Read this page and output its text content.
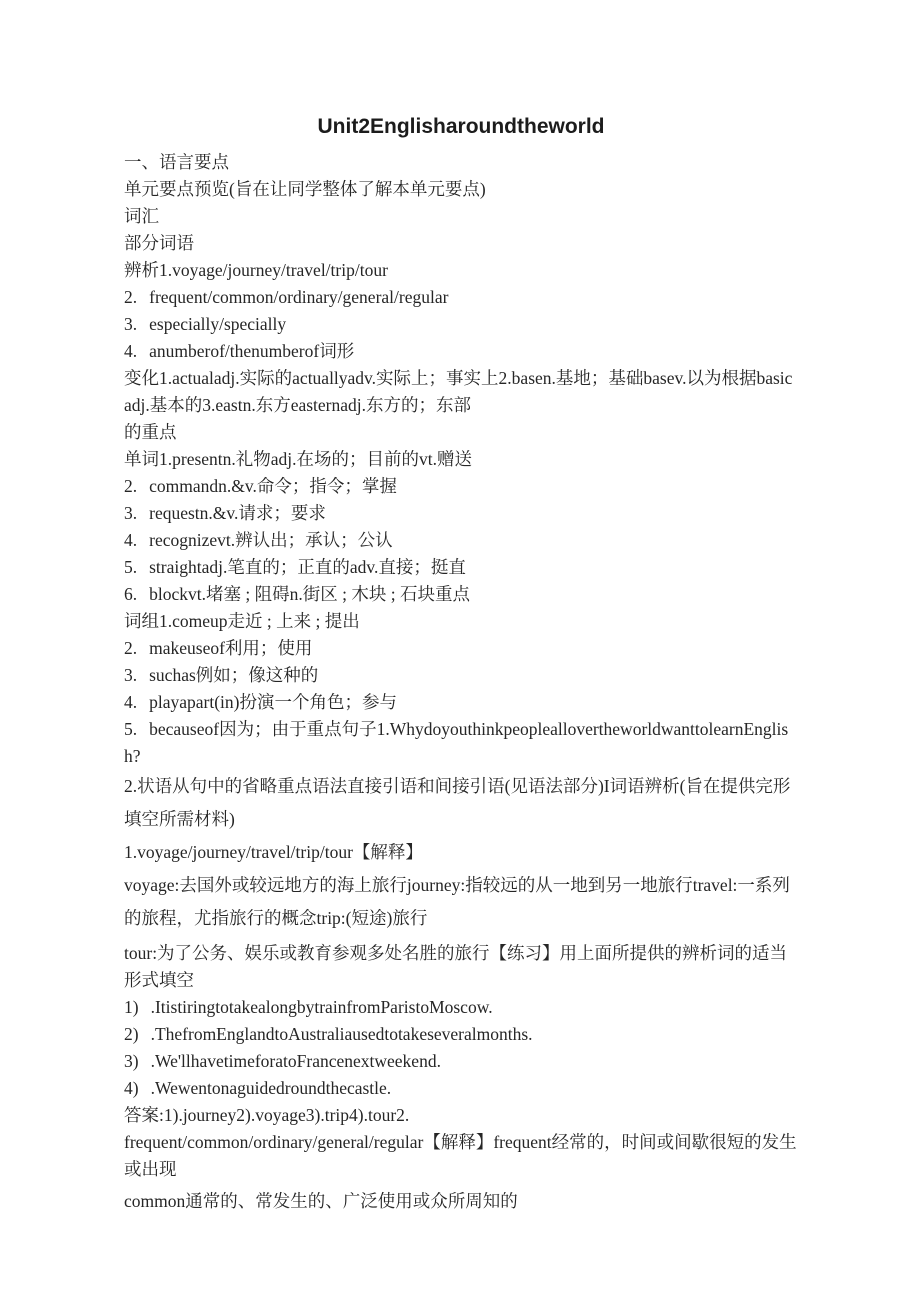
Unit2Englisharoundtheworld

一、语言要点

单元要点预览(旨在让同学整体了解本单元要点)

词汇

部分词语

辨析1.voyage/journey/travel/trip/tour

2. frequent/common/ordinary/general/regular

3. especially/specially

4. anumberof/thenumberof词形

变化1.actualadj.实际的actuallyadv.实际上；事实上2.basen.基地；基础basev.以为根据basicadj.基本的3.eastn.东方easternadj.东方的；东部

的重点

单词1.presentn.礼物adj.在场的；目前的vt.赠送

2. commandn.&v.命令；指令；掌握

3. requestn.&v.请求；要求

4. recognizevt.辨认出；承认；公认

5. straightadj.笔直的；正直的adv.直接；挺直

6. blockvt.堵塞 ; 阻碍n.街区 ; 木块 ; 石块重点

词组1.comeup走近 ; 上来 ; 提出

2. makeuseof利用；使用

3. suchas例如；像这种的

4. playapart(in)扮演一个角色；参与

5. becauseof因为；由于重点句子1.WhydoyouthinkpeopleallovertheworldwanttolearnEnglish?

2.状语从句中的省略重点语法直接引语和间接引语(见语法部分)I词语辨析(旨在提供完形填空所需材料)

1.voyage/journey/travel/trip/tour【解释】

voyage:去国外或较远地方的海上旅行journey:指较远的从一地到另一地旅行travel:一系列的旅程，尤指旅行的概念trip:(短途)旅行

tour:为了公务、娱乐或教育参观多处名胜的旅行【练习】用上面所提供的辨析词的适当形式填空

1) .ItistiringtotakealongbytrainfromParistoMoscow.

2) .ThefromEnglandtoAustraliausedtotakeseveralmonths.

3) .We'llhavetimeforatoFrancenextweekend.

4) .Wewentonaguidedroundthecastle.

答案:1).journey2).voyage3).trip4).tour2.

frequent/common/ordinary/general/regular【解释】frequent经常的，时间或间歇很短的发生或出现

common通常的、常发生的、广泛使用或众所周知的
